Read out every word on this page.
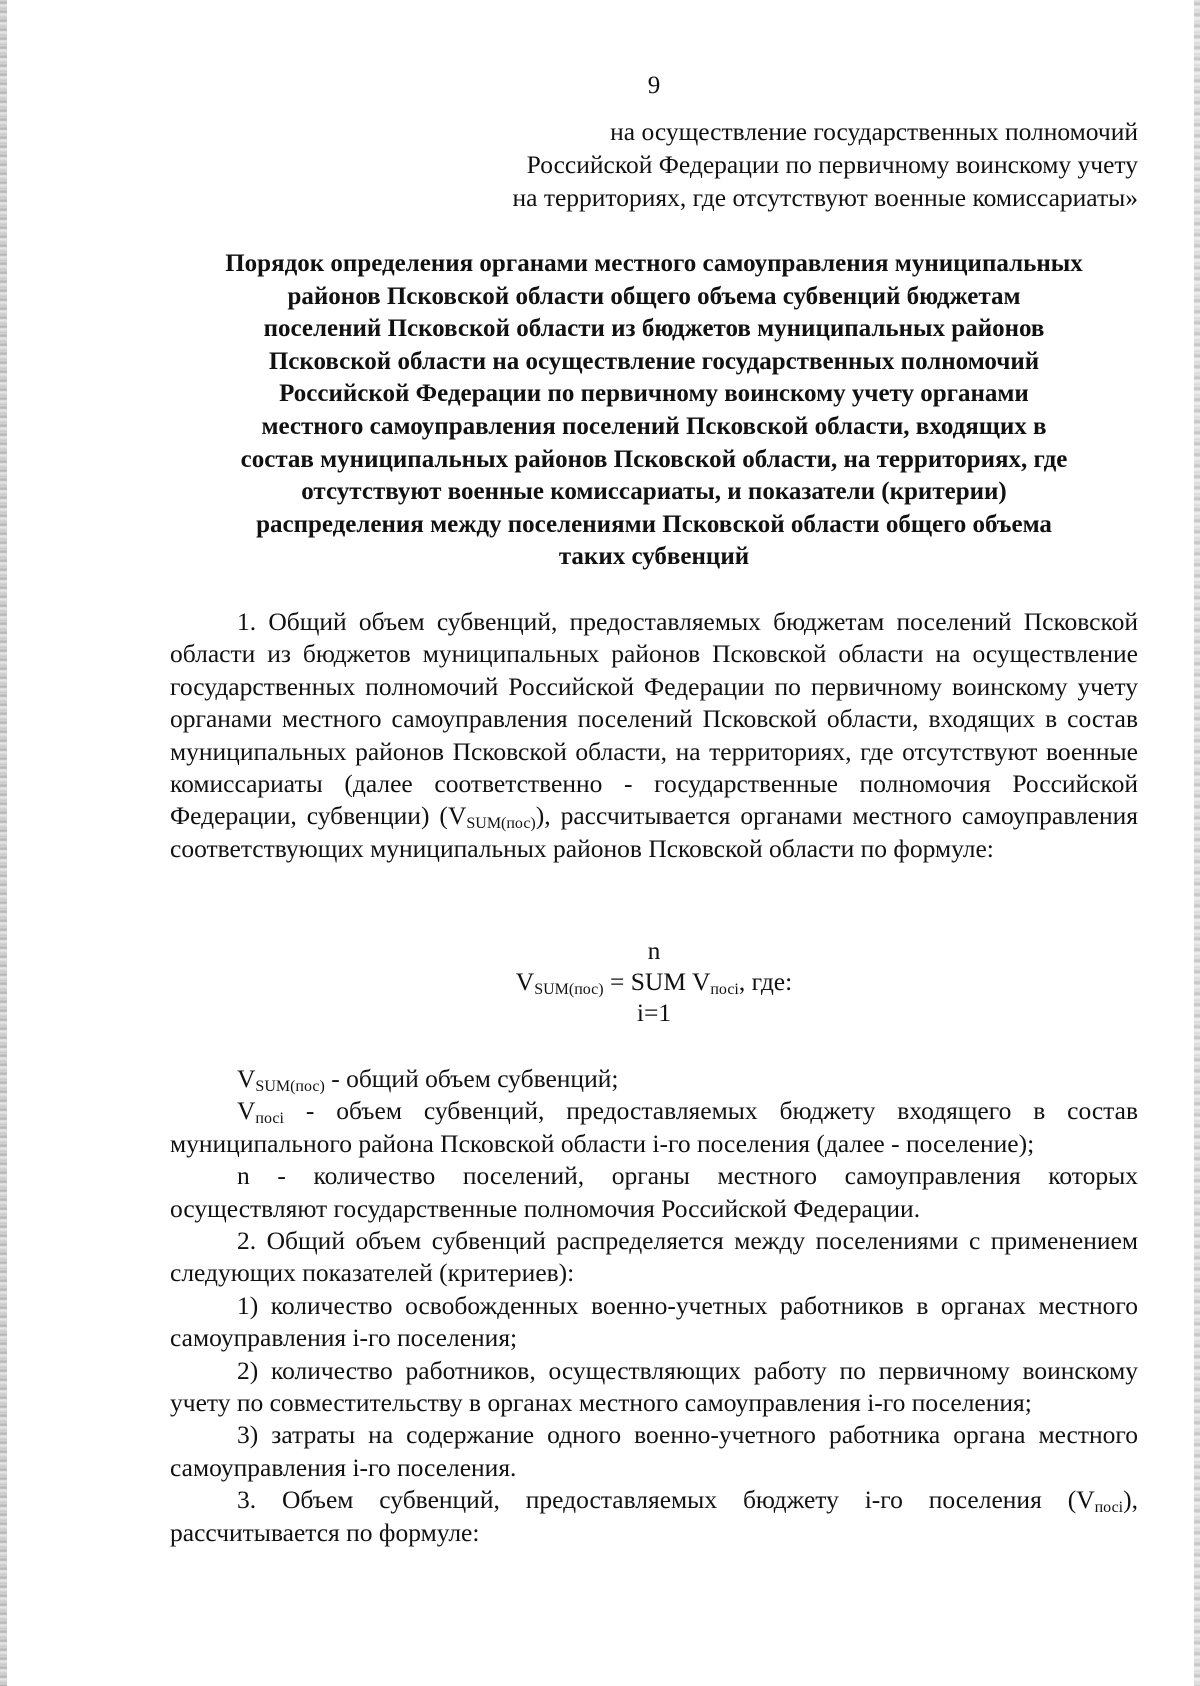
9
на осуществление государственных полномочий
Российской Федерации по первичному воинскому учету
на территориях, где отсутствуют военные комиссариаты»
Порядок определения органами местного самоуправления муниципальных
районов Псковской области общего объема субвенций бюджетам
поселений Псковской области из бюджетов муниципальных районов
Псковской области на осуществление государственных полномочий
Российской Федерации по первичному воинскому учету органами
местного самоуправления поселений Псковской области, входящих в
состав муниципальных районов Псковской области, на территориях, где
отсутствуют военные комиссариаты, и показатели (критерии)
распределения между поселениями Псковской области общего объема
таких субвенций

1. Общий объем субвенций, предоставляемых бюджетам поселений Псковской области из бюджетов муниципальных районов Псковской области на осуществление государственных полномочий Российской Федерации по первичному воинскому учету органами местного самоуправления поселений Псковской области, входящих в состав муниципальных районов Псковской области, на территориях, где отсутствуют военные комиссариаты (далее соответственно - государственные полномочия Российской Федерации, субвенции) $(V_{SUM(пос)})$, рассчитывается органами местного самоуправления соответствующих муниципальных районов Псковской области по формуле:

n
$V_{SUM(пос)}$ = SUM $V_{посi}$, где:
i=1

$V_{SUM(пос)}$ - общий объем субвенций;

$V_{посi}$ - объем субвенций, предоставляемых бюджету входящего в состав муниципального района Псковской области i-го поселения (далее - поселение);

n - количество поселений, органы местного самоуправления которых осуществляют государственные полномочия Российской Федерации.

2. Общий объем субвенций распределяется между поселениями с применением следующих показателей (критериев):

1) количество освобожденных военно-учетных работников в органах местного самоуправления i-го поселения;

2) количество работников, осуществляющих работу по первичному воинскому учету по совместительству в органах местного самоуправления i-го поселения;

3) затраты на содержание одного военно-учетного работника органа местного самоуправления i-го поселения.

3. Объем субвенций, предоставляемых бюджету i-го поселения $(V_{посi})$, рассчитывается по формуле:
